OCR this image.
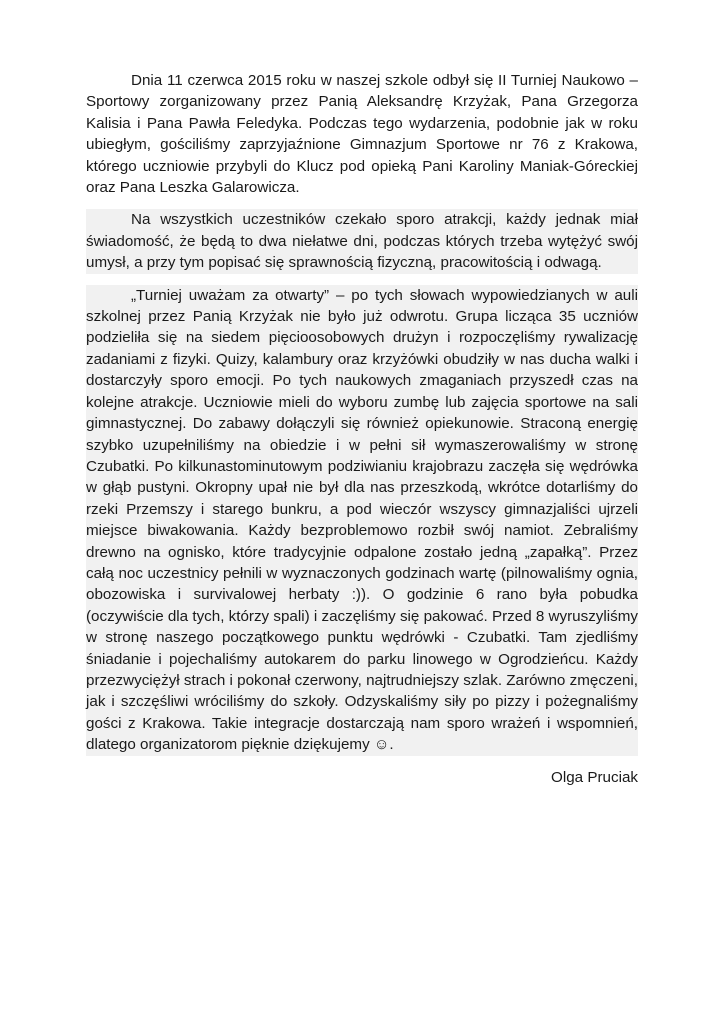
Dnia 11 czerwca 2015 roku w naszej szkole odbył się II Turniej Naukowo – Sportowy zorganizowany przez Panią Aleksandrę Krzyżak, Pana Grzegorza Kalisia i Pana Pawła Feledyka. Podczas tego wydarzenia, podobnie jak w roku ubiegłym, gościliśmy zaprzyjaźnione Gimnazjum Sportowe nr 76 z Krakowa, którego uczniowie przybyli do Klucz pod opieką Pani Karoliny Maniak-Góreckiej oraz Pana Leszka Galarowicza.

Na wszystkich uczestników czekało sporo atrakcji, każdy jednak miał świadomość, że będą to dwa niełatwe dni, podczas których trzeba wytężyć swój umysł, a przy tym popisać się sprawnością fizyczną, pracowitością i odwagą.

„Turniej uważam za otwarty” – po tych słowach wypowiedzianych w auli szkolnej przez Panią Krzyżak nie było już odwrotu. Grupa licząca 35 uczniów podzieliła się na siedem pięcioosobowych drużyn i rozpoczęliśmy rywalizację zadaniami z fizyki. Quizy, kalambury oraz krzyżówki obudziły w nas ducha walki i dostarczyły sporo emocji. Po tych naukowych zmaganiach przyszedł czas na kolejne atrakcje. Uczniowie mieli do wyboru zumbę lub zajęcia sportowe na sali gimnastycznej. Do zabawy dołączyli się również opiekunowie. Straconą energię szybko uzupełniliśmy na obiedzie i w pełni sił wymaszerowaliśmy w stronę Czubatki. Po kilkunastominutowym podziwianiu krajobrazu zaczęła się wędrówka w głąb pustyni. Okropny upał nie był dla nas przeszkodą, wkrótce dotarliśmy do rzeki Przemszy i starego bunkru, a pod wieczór wszyscy gimnazjaliści ujrzeli miejsce biwakowania. Każdy bezproblemowo rozbił swój namiot. Zebraliśmy drewno na ognisko, które tradycyjnie odpalone zostało jedną „zapałką”. Przez całą noc uczestnicy pełnili w wyznaczonych godzinach wartę (pilnowaliśmy ognia, obozowiska i survivalowej herbaty :)). O godzinie 6 rano była pobudka (oczywiście dla tych, którzy spali) i zaczęliśmy się pakować. Przed 8 wyruszyliśmy w stronę naszego początkowego punktu wędrówki - Czubatki. Tam zjedliśmy śniadanie i pojechaliśmy autokarem do parku linowego w Ogrodzieńcu. Każdy przezwyciężył strach i pokonał czerwony, najtrudniejszy szlak. Zarówno zmęczeni, jak i szczęśliwi wróciliśmy do szkoły. Odzyskaliśmy siły po pizzy i pożegnaliśmy gości z Krakowa. Takie integracje dostarczają nam sporo wrażeń i wspomnień, dlatego organizatorom pięknie dziękujemy ☺.

Olga Pruciak
